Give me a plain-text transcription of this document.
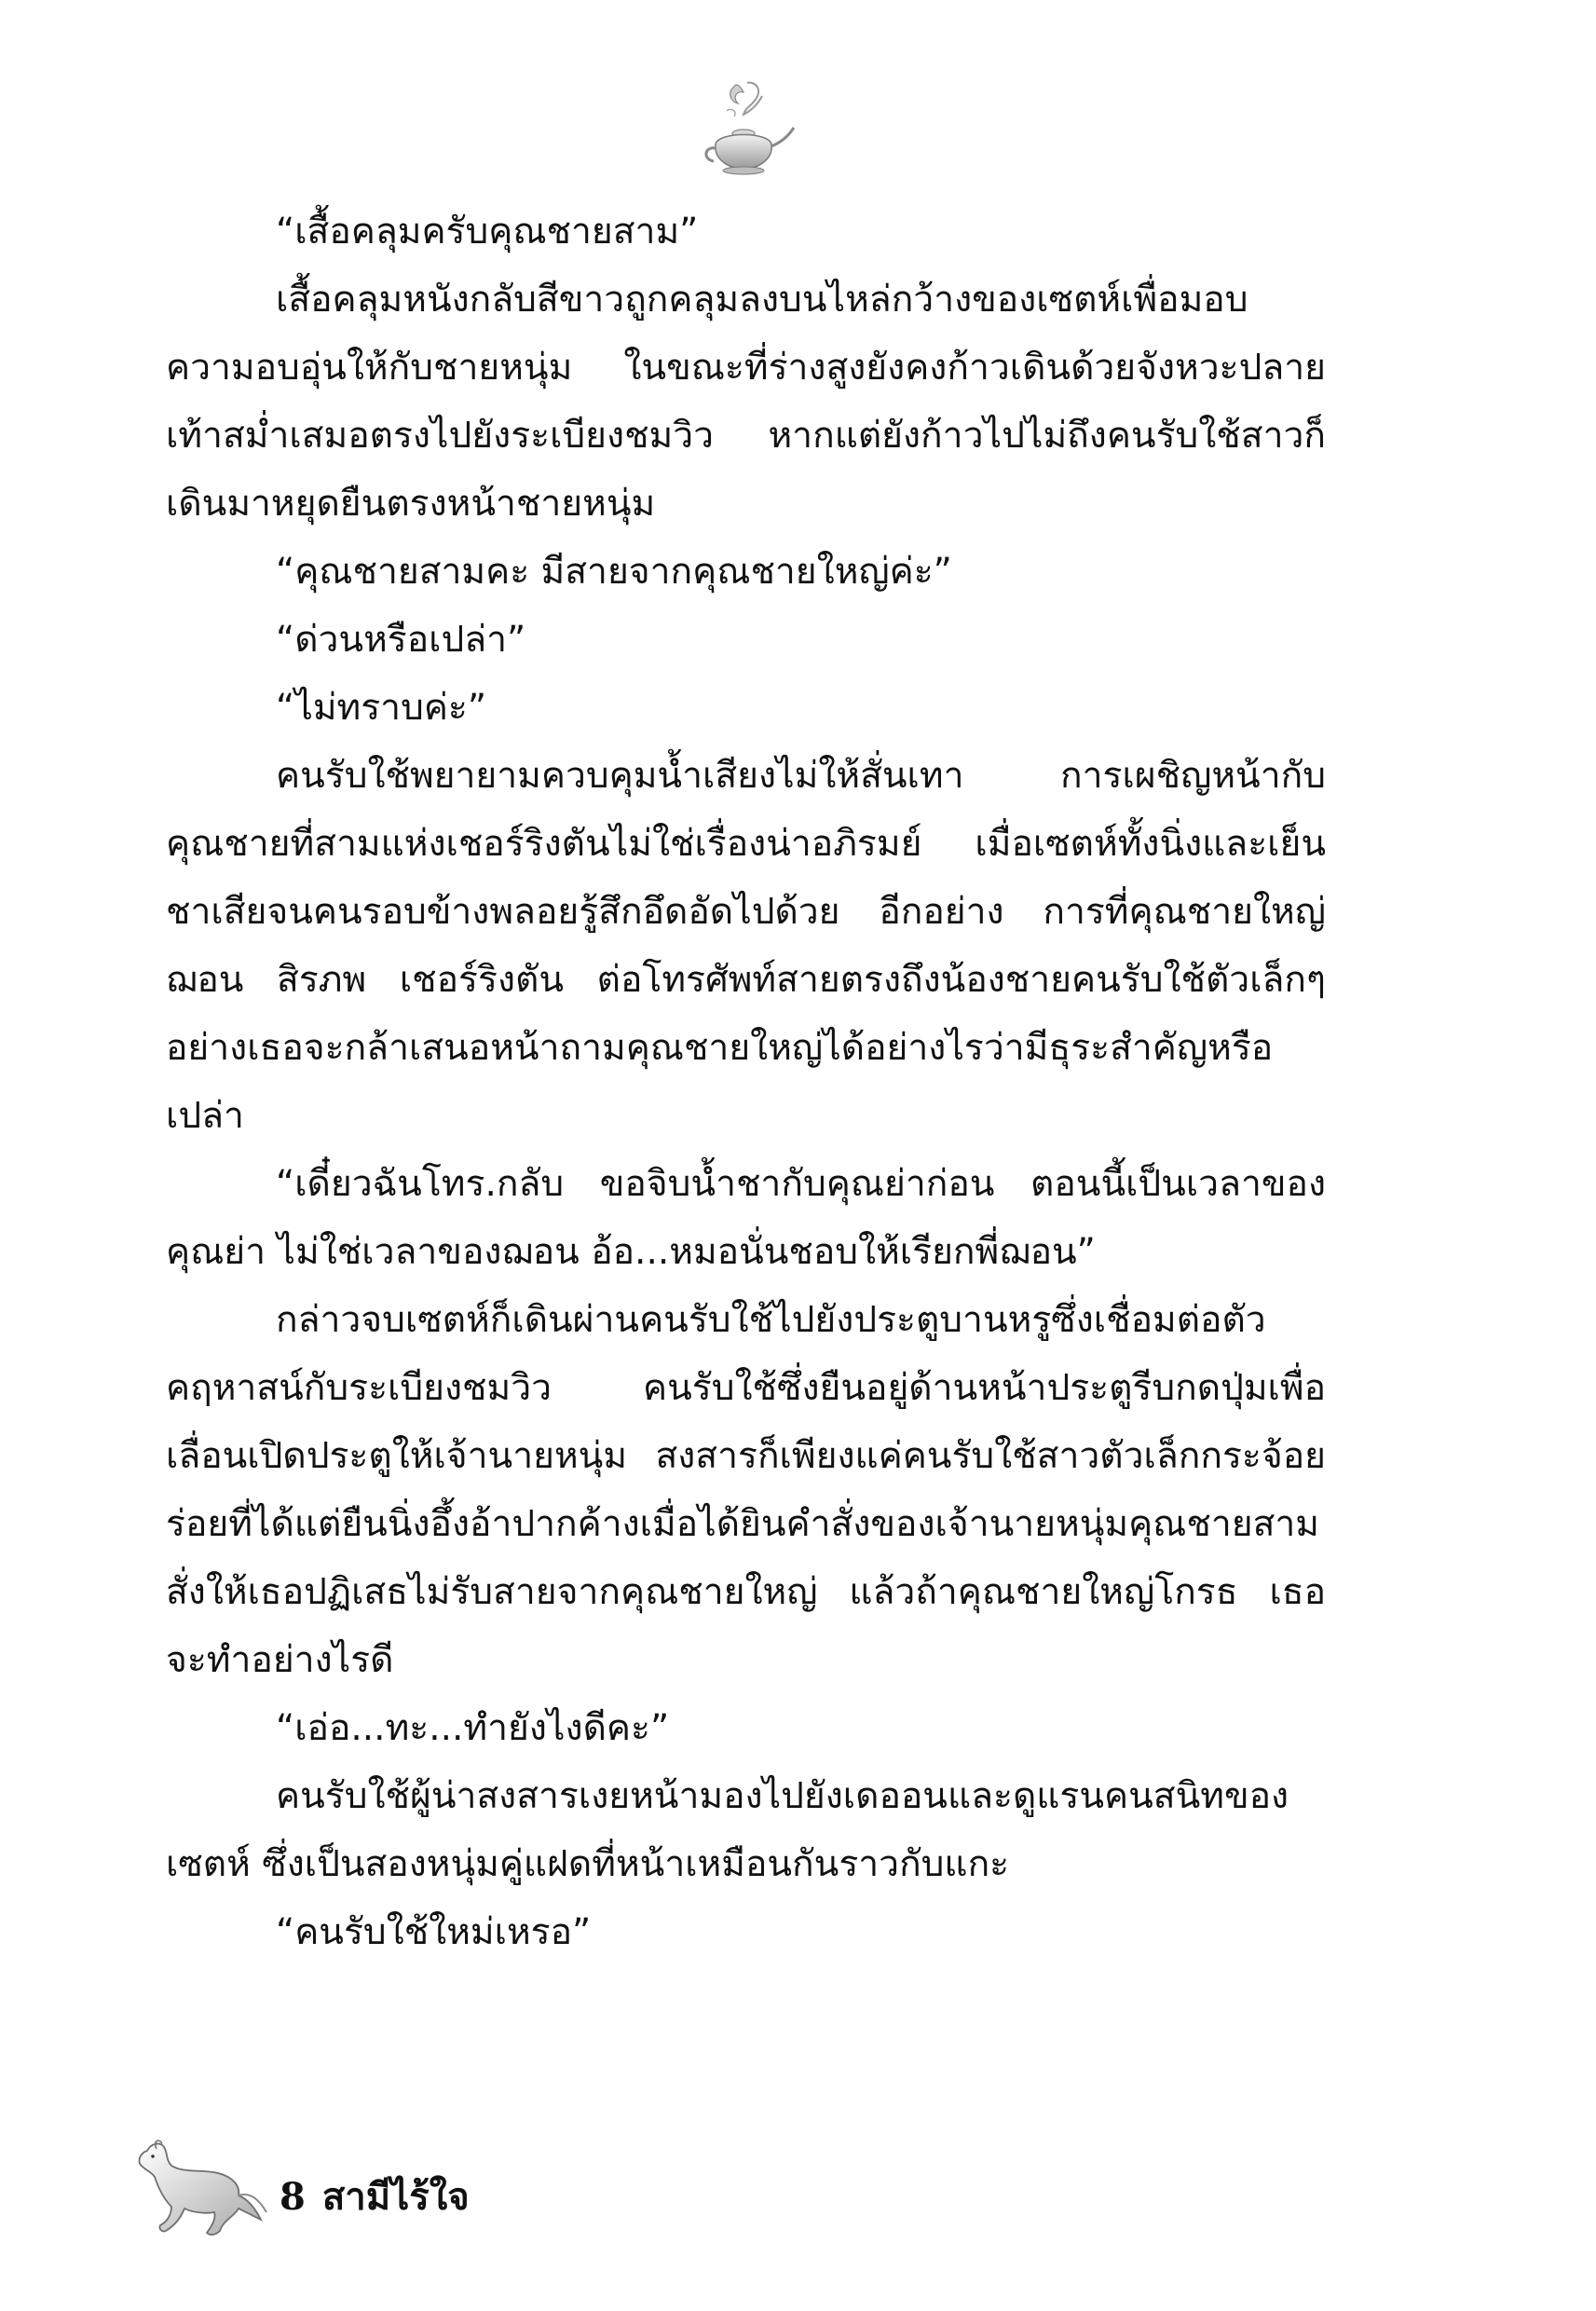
“เสื้อคลุมครับคุณชายสาม”

เสื้อคลุมหนังกลับสีขาวถูกคลุมลงบนไหล่กว้างของเซตห์เพื่อมอบความอบอุ่นให้กับชายหนุ่ม ในขณะที่ร่างสูงยังคงก้าวเดินด้วยจังหวะปลายเท้าสม่ำเสมอตรงไปยังระเบียงชมวิว หากแต่ยังก้าวไปไม่ถึงคนรับใช้สาวก็เดินมาหยุดยืนตรงหน้าชายหนุ่ม

“คุณชายสามคะ มีสายจากคุณชายใหญ่ค่ะ”

“ด่วนหรือเปล่า”

“ไม่ทราบค่ะ”

คนรับใช้พยายามควบคุมน้ำเสียงไม่ให้สั่นเทา การเผชิญหน้ากับคุณชายที่สามแห่งเชอร์ริงตันไม่ใช่เรื่องน่าอภิรมย์ เมื่อเซตห์ทั้งนิ่งและเย็นชาเสียจนคนรอบข้างพลอยรู้สึกอึดอัดไปด้วย อีกอย่าง การที่คุณชายใหญ่ ฌอน สิรภพ เชอร์ริงตัน ต่อโทรศัพท์สายตรงถึงน้องชายคนรับใช้ตัวเล็กๆ อย่างเธอจะกล้าเสนอหน้าถามคุณชายใหญ่ได้อย่างไรว่ามีธุระสำคัญหรือเปล่า

“เดี๋ยวฉันโทร.กลับ ขอจิบน้ำชากับคุณย่าก่อน ตอนนี้เป็นเวลาของคุณย่า ไม่ใช่เวลาของฌอน อ้อ...หมอนั่นชอบให้เรียกพี่ฌอน”

กล่าวจบเซตห์ก็เดินผ่านคนรับใช้ไปยังประตูบานหรูซึ่งเชื่อมต่อตัวคฤหาสน์กับระเบียงชมวิว คนรับใช้ซึ่งยืนอยู่ด้านหน้าประตูรีบกดปุ่มเพื่อเลื่อนเปิดประตูให้เจ้านายหนุ่ม สงสารก็เพียงแค่คนรับใช้สาวตัวเล็กกระจ้อยร่อยที่ได้แต่ยืนนิ่งอึ้งอ้าปากค้างเมื่อได้ยินคำสั่งของเจ้านายหนุ่มคุณชายสามสั่งให้เธอปฏิเสธไม่รับสายจากคุณชายใหญ่ แล้วถ้าคุณชายใหญ่โกรธ เธอจะทำอย่างไรดี

“เอ่อ...ทะ...ทำยังไงดีคะ”

คนรับใช้ผู้น่าสงสารเงยหน้ามองไปยังเดออนและดูแรนคนสนิทของเซตห์ ซึ่งเป็นสองหนุ่มคู่แฝดที่หน้าเหมือนกันราวกับแกะ

“คนรับใช้ใหม่เหรอ”

8 สามีไร้ใจ
